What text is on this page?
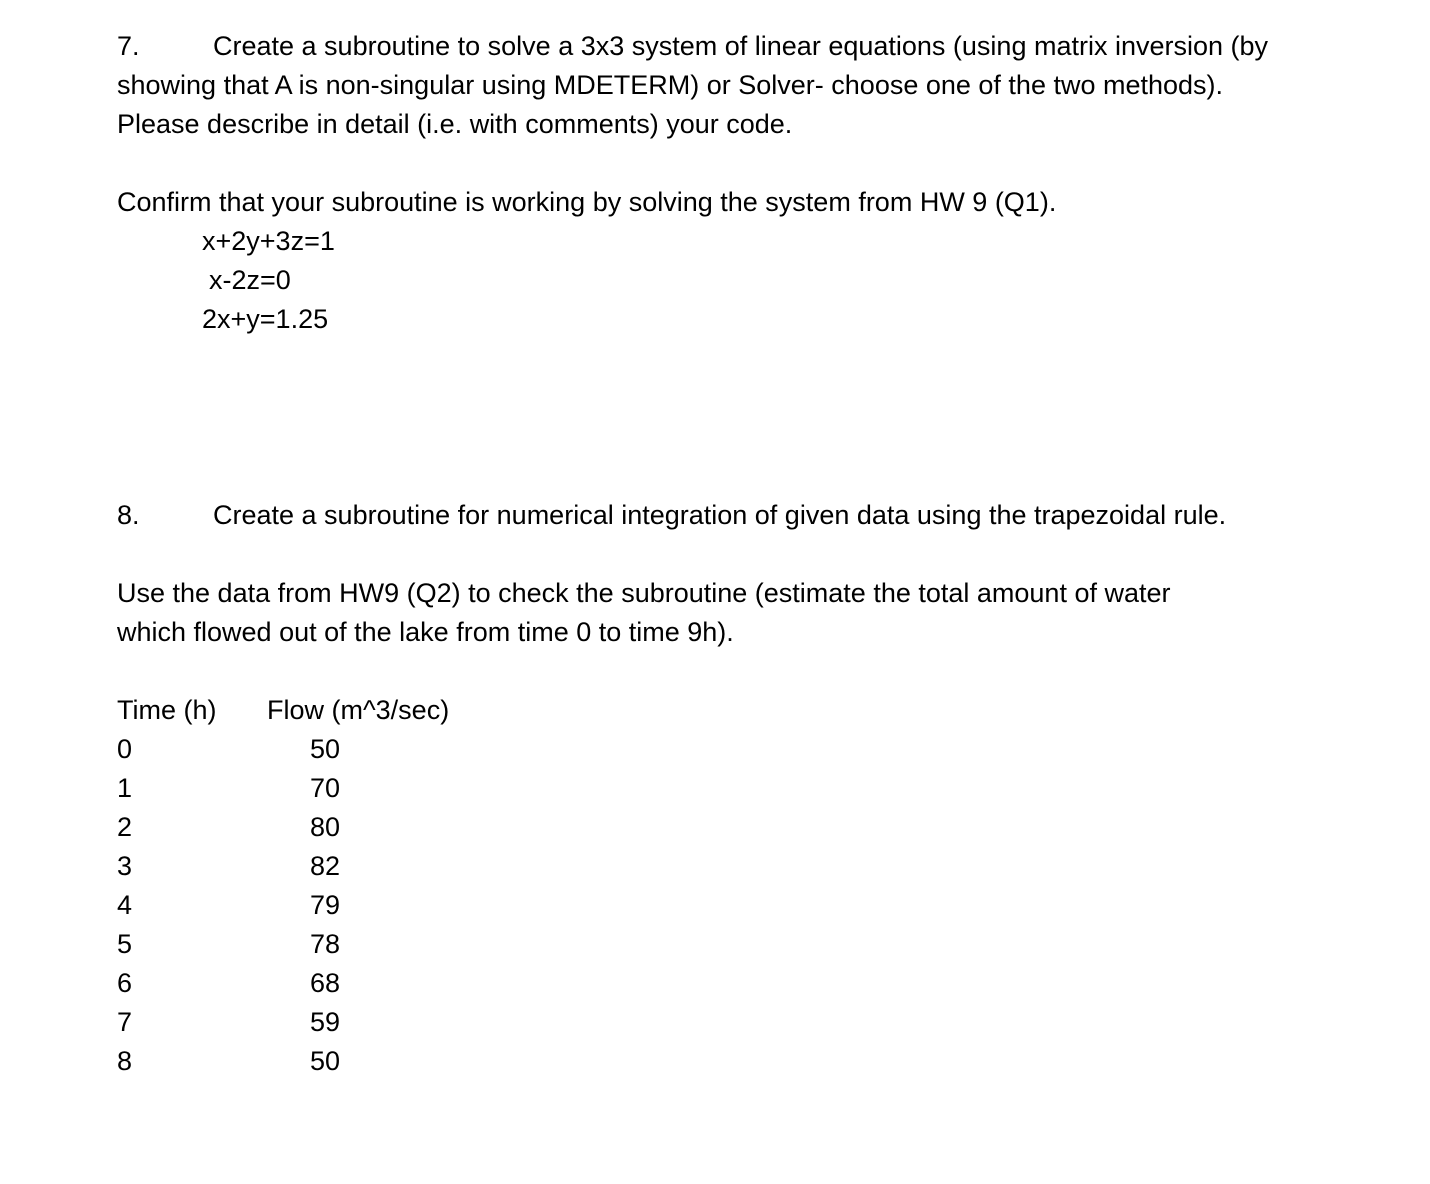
7.	Create a subroutine to solve a 3x3 system of linear equations (using matrix inversion (by
showing that A is non-singular using MDETERM) or Solver- choose one of the two methods).
Please describe in detail (i.e. with comments) your code.
Confirm that your subroutine is working by solving the system from HW 9 (Q1).
x+2y+3z=1
x-2z=0
2x+y=1.25
8.	Create a subroutine for numerical integration of given data using the trapezoidal rule.
Use the data from HW9 (Q2) to check the subroutine (estimate the total amount of water
which flowed out of the lake from time 0 to time 9h).
Time (h) Flow (m^3/sec)
0	50
1	70
2	80
3	82
4	79
5	78
6	68
7	59
8	50
